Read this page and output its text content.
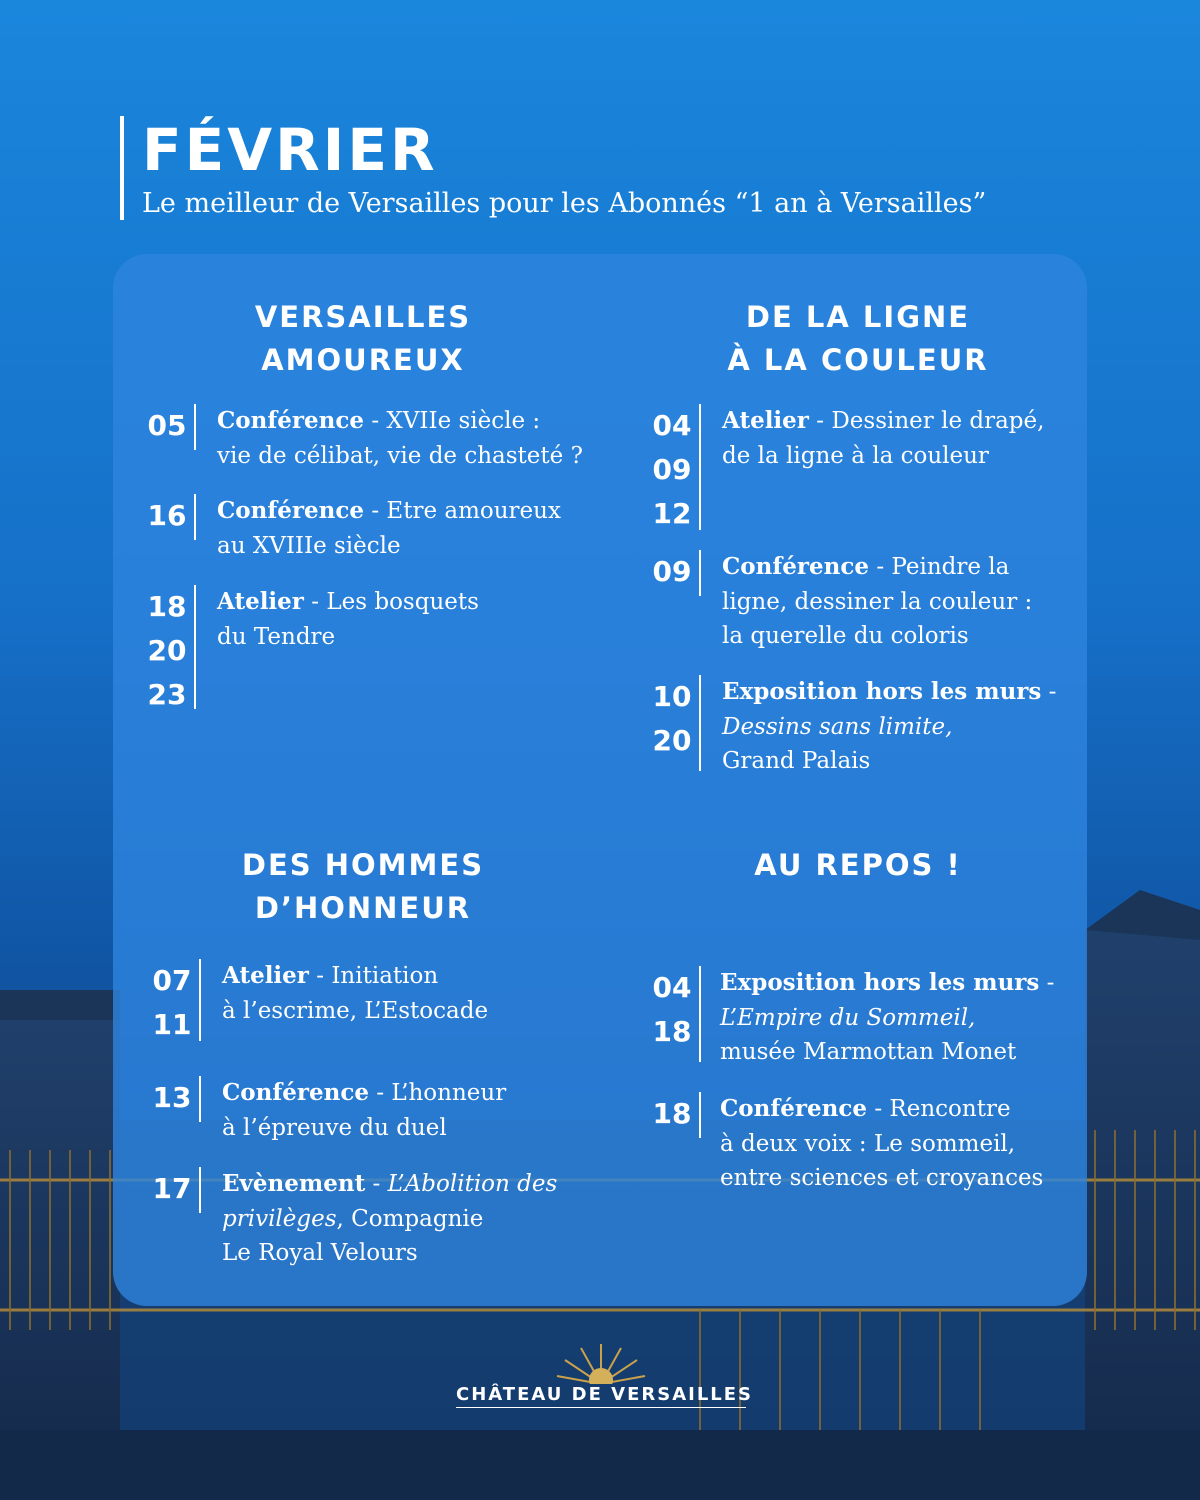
FÉVRIER
Le meilleur de Versailles pour les Abonnés “1 an à Versailles”
VERSAILLES
AMOUREUX
05 Conférence - XVIIe siècle :
vie de célibat, vie de chasteté ?
16 Conférence - Etre amoureux
au XVIIIe siècle
18
20
23
Atelier - Les bosquets
du Tendre
DE LA LIGNE
À LA COULEUR
04
09
12
Atelier - Dessiner le drapé,
de la ligne à la couleur
09 Conférence - Peindre la
ligne, dessiner la couleur :
la querelle du coloris
10
20
Exposition hors les murs -
Dessins sans limite,
Grand Palais
DES HOMMES
D’HONNEUR
07
11
Atelier - Initiation
à l’escrime, L’Estocade
13 Conférence - L’honneur
à l’épreuve du duel
17 Evènement - L’Abolition des
privilèges, Compagnie
Le Royal Velours
AU REPOS !
04
18
Exposition hors les murs -
L’Empire du Sommeil,
musée Marmottan Monet
18 Conférence - Rencontre
à deux voix : Le sommeil,
entre sciences et croyances
CHÂTEAU DE VERSAILLES
